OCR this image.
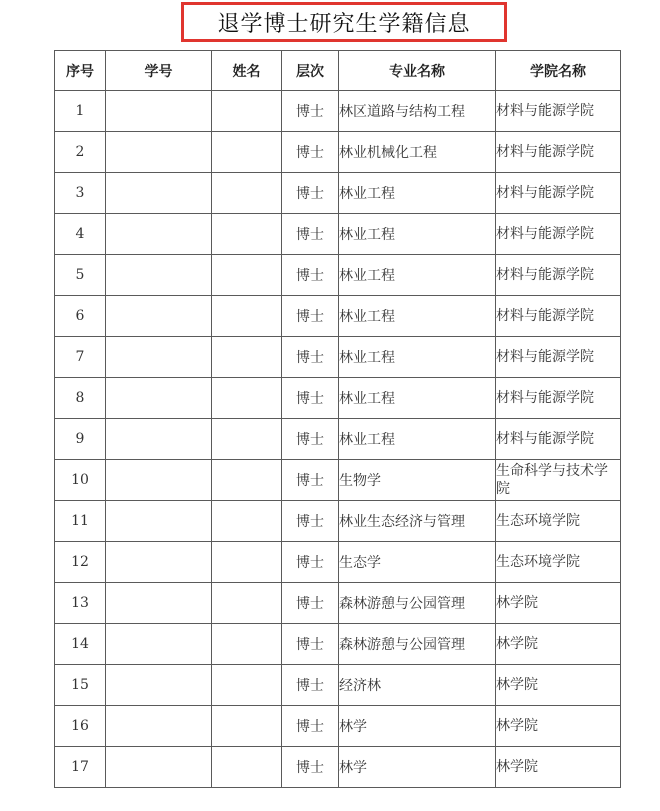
退学博士研究生学籍信息
序号	学号	姓名	层次	专业名称	学院名称
1			博士	林区道路与结构工程	材料与能源学院
2			博士	林业机械化工程	材料与能源学院
3			博士	林业工程	材料与能源学院
4			博士	林业工程	材料与能源学院
5			博士	林业工程	材料与能源学院
6			博士	林业工程	材料与能源学院
7			博士	林业工程	材料与能源学院
8			博士	林业工程	材料与能源学院
9			博士	林业工程	材料与能源学院
10			博士	生物学	生命科学与技术学院
11			博士	林业生态经济与管理	生态环境学院
12			博士	生态学	生态环境学院
13			博士	森林游憩与公园管理	林学院
14			博士	森林游憩与公园管理	林学院
15			博士	经济林	林学院
16			博士	林学	林学院
17			博士	林学	林学院
